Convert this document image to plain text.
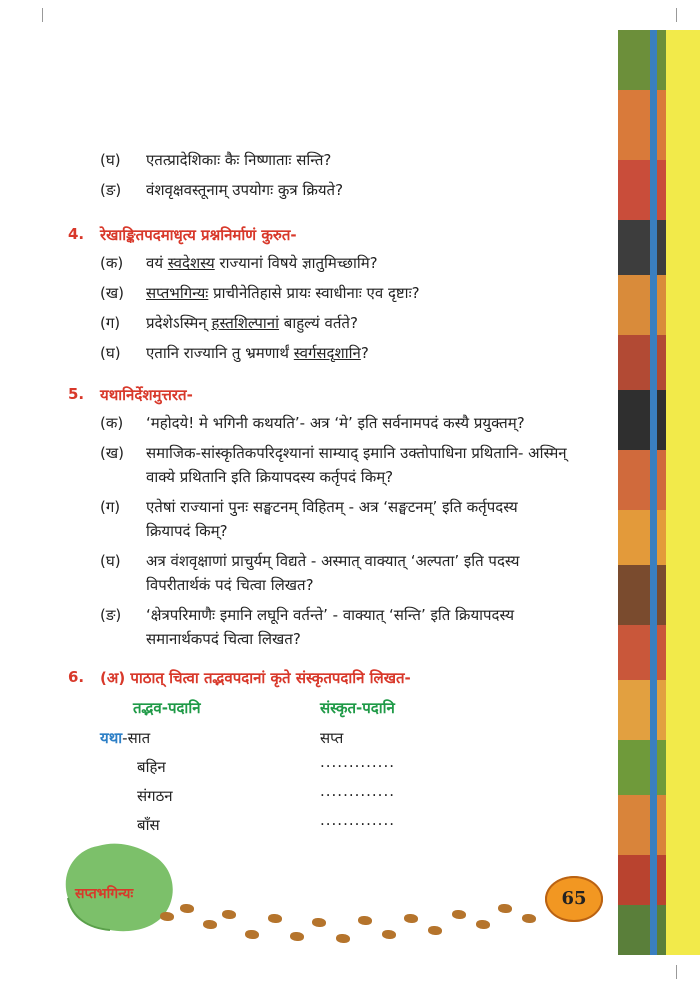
(घ) एतत्प्रादेशिकाः कैः निष्णाताः सन्ति?
(ङ) वंशवृक्षवस्तूनाम् उपयोगः कुत्र क्रियते?
4. रेखाङ्कितपदमाधृत्य प्रश्ननिर्माणं कुरुत-
(क) वयं स्वदेशस्य राज्यानां विषये ज्ञातुमिच्छामि?
(ख) सप्तभगिन्यः प्राचीनेतिहासे प्रायः स्वाधीनाः एव दृष्टाः?
(ग) प्रदेशेऽस्मिन् हस्तशिल्पानां बाहुल्यं वर्तते?
(घ) एतानि राज्यानि तु भ्रमणार्थं स्वर्गसदृशानि?
5. यथानिर्देशमुत्तरत-
(क) ‘महोदये! मे भगिनी कथयति’- अत्र ‘मे’ इति सर्वनामपदं कस्यै प्रयुक्तम्?
(ख) समाजिक-सांस्कृतिकपरिदृश्यानां साम्याद् इमानि उक्तोपाधिना प्रथितानि- अस्मिन्
वाक्ये प्रथितानि इति क्रियापदस्य कर्तृपदं किम्?
(ग) एतेषां राज्यानां पुनः सङ्घटनम् विहितम् - अत्र ‘सङ्घटनम्’ इति कर्तृपदस्य
क्रियापदं किम्?
(घ) अत्र वंशवृक्षाणां प्राचुर्यम् विद्यते - अस्मात् वाक्यात् ‘अल्पता’ इति पदस्य
विपरीतार्थकं पदं चित्वा लिखत?
(ङ) ‘क्षेत्रपरिमाणैः इमानि लघूनि वर्तन्ते’ - वाक्यात् ‘सन्ति’ इति क्रियापदस्य
समानार्थकपदं चित्वा लिखत?
6. (अ) पाठात् चित्वा तद्भवपदानां कृते संस्कृतपदानि लिखत-
तद्भव-पदानि	संस्कृत-पदानि
यथा-सात	सप्त
बहिन	.............
संगठन	.............
बाँस	.............
सप्तभगिन्यः	65
